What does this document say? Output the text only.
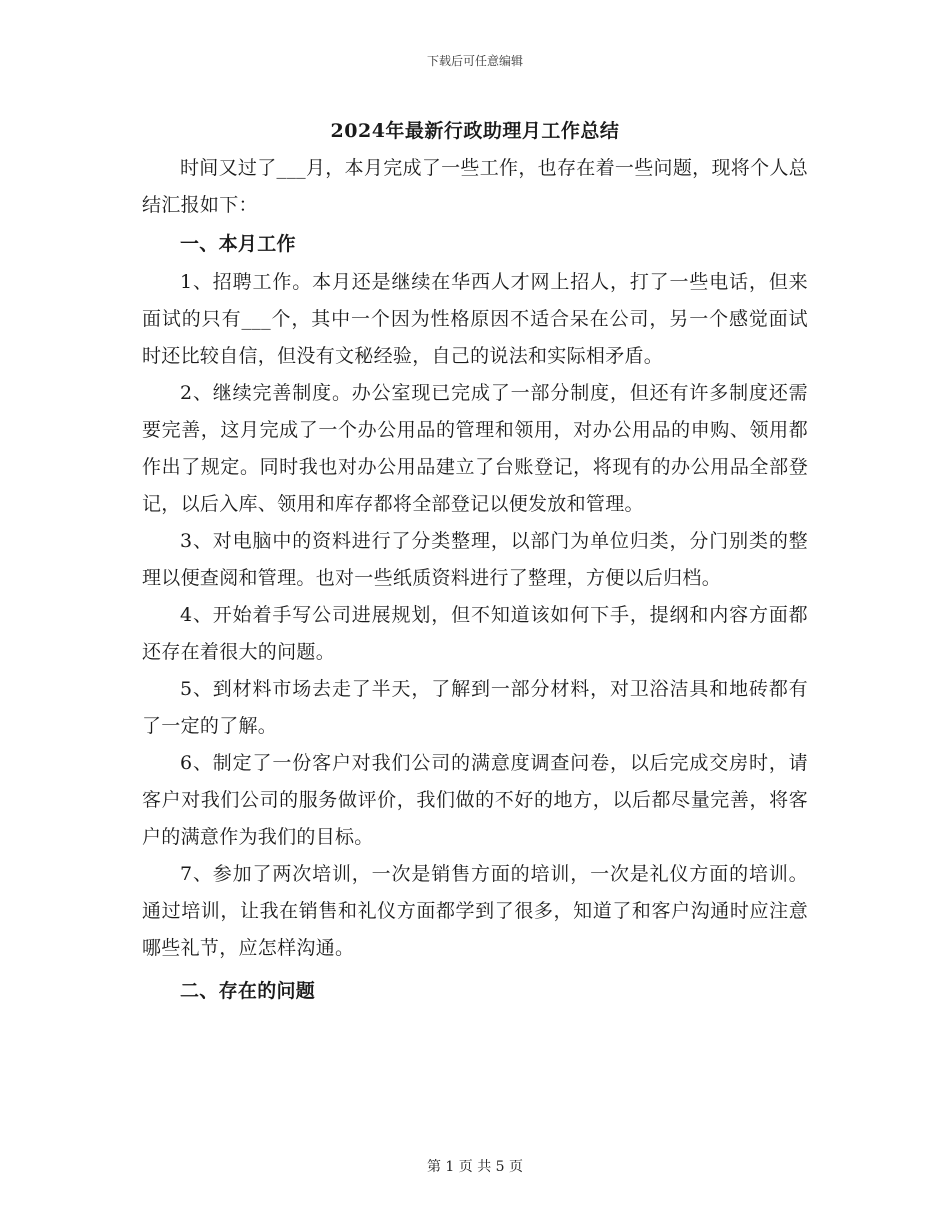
下载后可任意编辑
2024年最新行政助理月工作总结

时间又过了___月，本月完成了一些工作，也存在着一些问题，现将个人总结汇报如下：

一、本月工作

1、招聘工作。本月还是继续在华西人才网上招人，打了一些电话，但来面试的只有___个，其中一个因为性格原因不适合呆在公司，另一个感觉面试时还比较自信，但没有文秘经验，自己的说法和实际相矛盾。

2、继续完善制度。办公室现已完成了一部分制度，但还有许多制度还需要完善，这月完成了一个办公用品的管理和领用，对办公用品的申购、领用都作出了规定。同时我也对办公用品建立了台账登记，将现有的办公用品全部登记，以后入库、领用和库存都将全部登记以便发放和管理。

3、对电脑中的资料进行了分类整理，以部门为单位归类，分门别类的整理以便查阅和管理。也对一些纸质资料进行了整理，方便以后归档。

4、开始着手写公司进展规划，但不知道该如何下手，提纲和内容方面都还存在着很大的问题。

5、到材料市场去走了半天，了解到一部分材料，对卫浴洁具和地砖都有了一定的了解。

6、制定了一份客户对我们公司的满意度调查问卷，以后完成交房时，请客户对我们公司的服务做评价，我们做的不好的地方，以后都尽量完善，将客户的满意作为我们的目标。

7、参加了两次培训，一次是销售方面的培训，一次是礼仪方面的培训。通过培训，让我在销售和礼仪方面都学到了很多，知道了和客户沟通时应注意哪些礼节，应怎样沟通。

二、存在的问题

第 1 页 共 5 页
